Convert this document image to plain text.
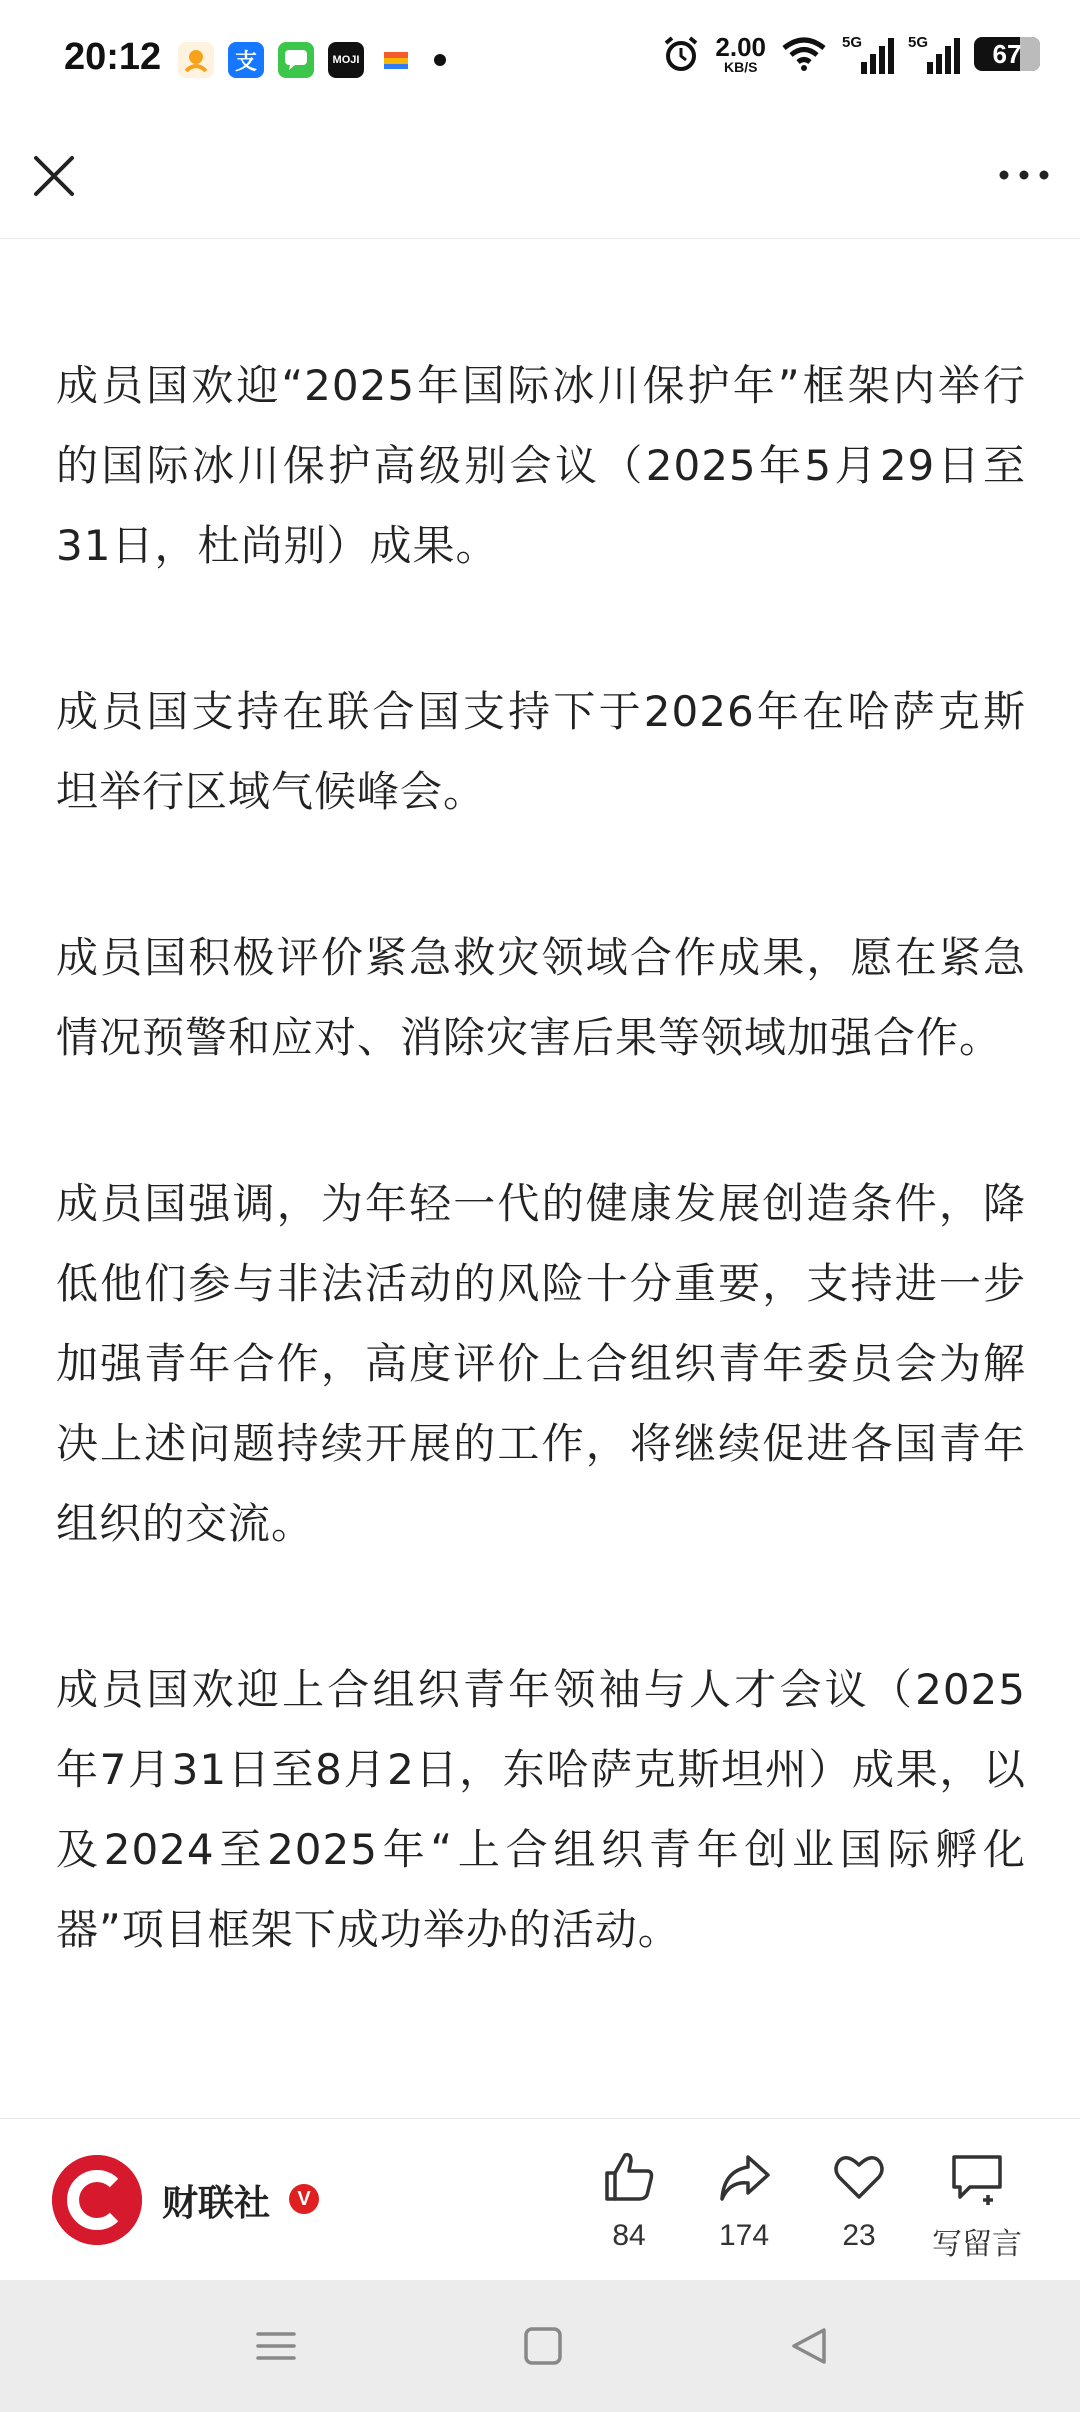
20:12	支	MOJI	2.00
KB/S
5G	5G 67

成员国欢迎“2025年国际冰川保护年”框架内举行的国际冰川保护高级别会议（2025年5月29日至31日，杜尚别）成果。

成员国支持在联合国支持下于2026年在哈萨克斯坦举行区域气候峰会。

成员国积极评价紧急救灾领域合作成果，愿在紧急情况预警和应对、消除灾害后果等领域加强合作。

成员国强调，为年轻一代的健康发展创造条件，降低他们参与非法活动的风险十分重要，支持进一步加强青年合作，高度评价上合组织青年委员会为解决上述问题持续开展的工作，将继续促进各国青年组织的交流。

成员国欢迎上合组织青年领袖与人才会议（2025年7月31日至8月2日，东哈萨克斯坦州）成果，以及2024至2025年“上合组织青年创业国际孵化器”项目框架下成功举办的活动。

财联社	V
84	174	23	写留言
